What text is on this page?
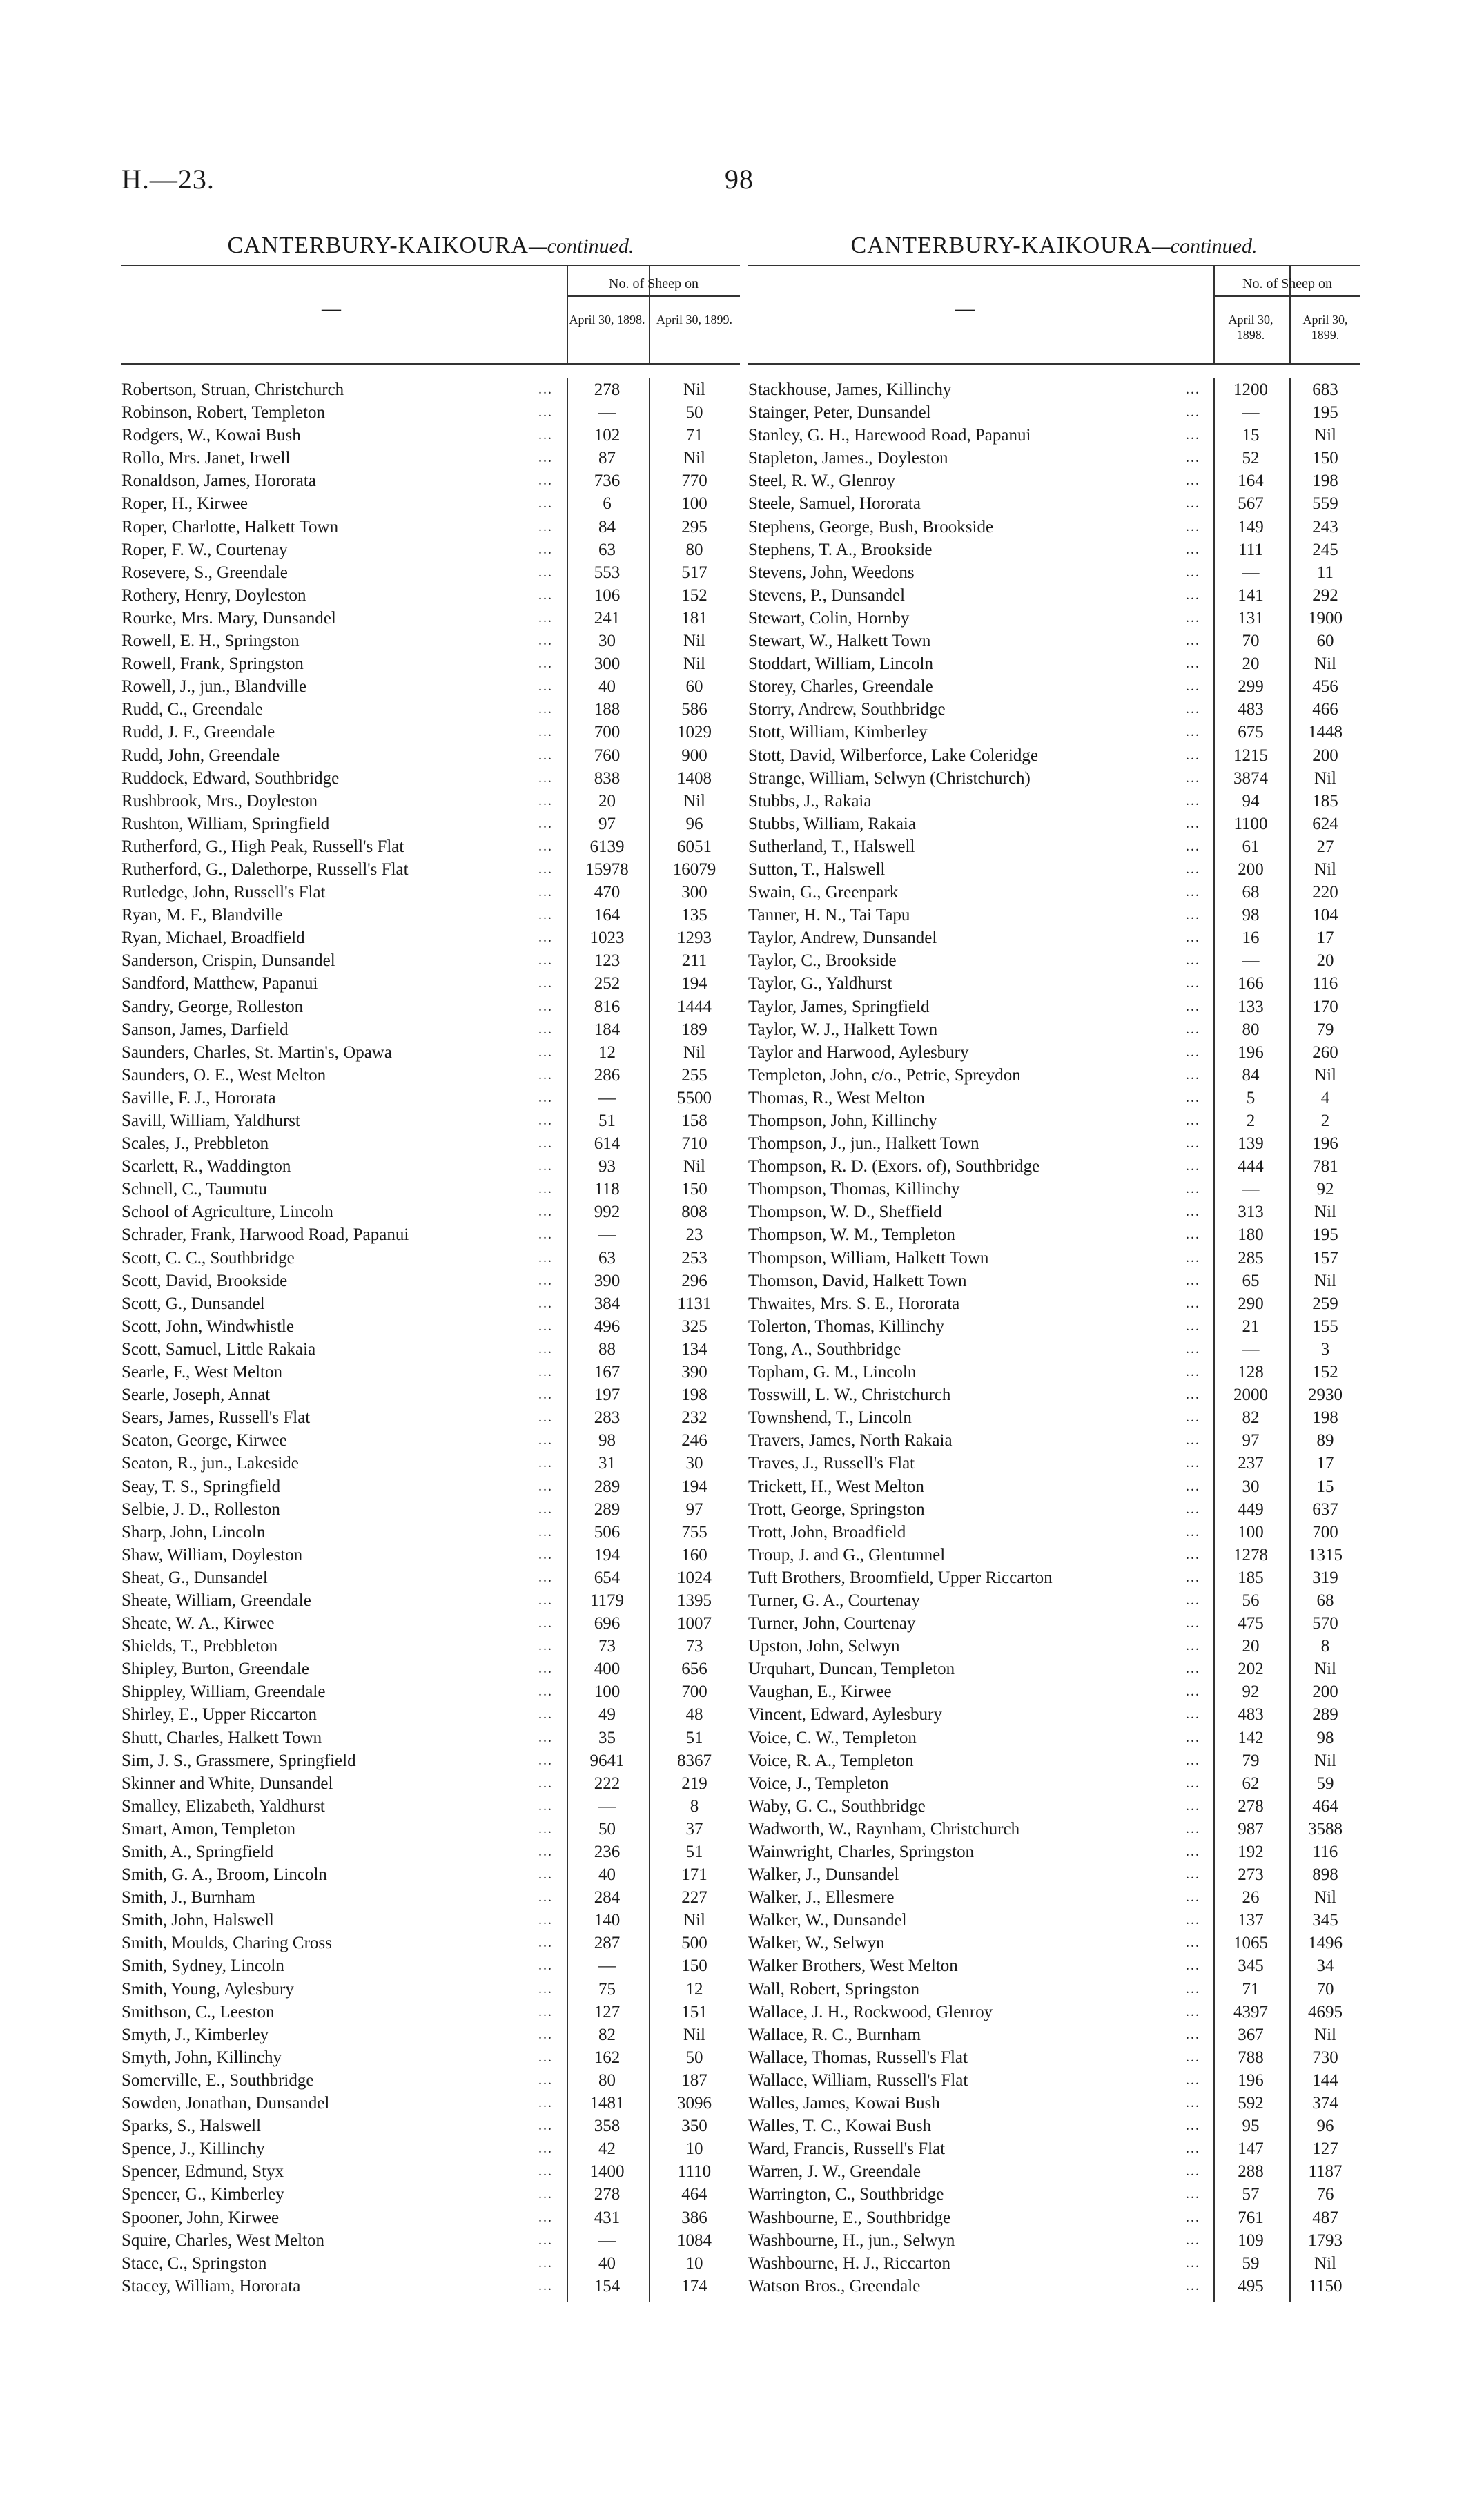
H.—23.	98
CANTERBURY-KAIKOURA—continued.
—
No. of Sheep on
April 30, 1898. April 30, 1899.
Robertson, Struan, Christchurch	...	278	Nil
Robinson, Robert, Templeton	...	—	50
Rodgers, W., Kowai Bush	...	102	71
Rollo, Mrs. Janet, Irwell	...	87	Nil
Ronaldson, James, Hororata	...	736	770
Roper, H., Kirwee	...	6	100
Roper, Charlotte, Halkett Town	...	84	295
Roper, F. W., Courtenay	...	63	80
Rosevere, S., Greendale	...	553	517
Rothery, Henry, Doyleston	...	106	152
Rourke, Mrs. Mary, Dunsandel	...	241	181
Rowell, E. H., Springston	...	30	Nil
Rowell, Frank, Springston	...	300	Nil
Rowell, J., jun., Blandville	...	40	60
Rudd, C., Greendale	...	188	586
Rudd, J. F., Greendale	...	700	1029
Rudd, John, Greendale	...	760	900
Ruddock, Edward, Southbridge	...	838	1408
Rushbrook, Mrs., Doyleston	...	20	Nil
Rushton, William, Springfield	...	97	96
Rutherford, G., High Peak, Russell's Flat	...	6139	6051
Rutherford, G., Dalethorpe, Russell's Flat	...	15978	16079
Rutledge, John, Russell's Flat	...	470	300
Ryan, M. F., Blandville	...	164	135
Ryan, Michael, Broadfield	...	1023	1293
Sanderson, Crispin, Dunsandel	...	123	211
Sandford, Matthew, Papanui	...	252	194
Sandry, George, Rolleston	...	816	1444
Sanson, James, Darfield	...	184	189
Saunders, Charles, St. Martin's, Opawa	...	12	Nil
Saunders, O. E., West Melton	...	286	255
Saville, F. J., Hororata	...	—	5500
Savill, William, Yaldhurst	...	51	158
Scales, J., Prebbleton	...	614	710
Scarlett, R., Waddington	...	93	Nil
Schnell, C., Taumutu	...	118	150
School of Agriculture, Lincoln	...	992	808
Schrader, Frank, Harwood Road, Papanui	...	—	23
Scott, C. C., Southbridge	...	63	253
Scott, David, Brookside	...	390	296
Scott, G., Dunsandel	...	384	1131
Scott, John, Windwhistle	...	496	325
Scott, Samuel, Little Rakaia	...	88	134
Searle, F., West Melton	...	167	390
Searle, Joseph, Annat	...	197	198
Sears, James, Russell's Flat	...	283	232
Seaton, George, Kirwee	...	98	246
Seaton, R., jun., Lakeside	...	31	30
Seay, T. S., Springfield	...	289	194
Selbie, J. D., Rolleston	...	289	97
Sharp, John, Lincoln	...	506	755
Shaw, William, Doyleston	...	194	160
Sheat, G., Dunsandel	...	654	1024
Sheate, William, Greendale	...	1179	1395
Sheate, W. A., Kirwee	...	696	1007
Shields, T., Prebbleton	...	73	73
Shipley, Burton, Greendale	...	400	656
Shippley, William, Greendale	...	100	700
Shirley, E., Upper Riccarton	...	49	48
Shutt, Charles, Halkett Town	...	35	51
Sim, J. S., Grassmere, Springfield	...	9641	8367
Skinner and White, Dunsandel	...	222	219
Smalley, Elizabeth, Yaldhurst	...	—	8
Smart, Amon, Templeton	...	50	37
Smith, A., Springfield	...	236	51
Smith, G. A., Broom, Lincoln	...	40	171
Smith, J., Burnham	...	284	227
Smith, John, Halswell	...	140	Nil
Smith, Moulds, Charing Cross	...	287	500
Smith, Sydney, Lincoln	...	—	150
Smith, Young, Aylesbury	...	75	12
Smithson, C., Leeston	...	127	151
Smyth, J., Kimberley	...	82	Nil
Smyth, John, Killinchy	...	162	50
Somerville, E., Southbridge	...	80	187
Sowden, Jonathan, Dunsandel	...	1481	3096
Sparks, S., Halswell	...	358	350
Spence, J., Killinchy	...	42	10
Spencer, Edmund, Styx	...	1400	1110
Spencer, G., Kimberley	...	278	464
Spooner, John, Kirwee	...	431	386
Squire, Charles, West Melton	...	—	1084
Stace, C., Springston	...	40	10
Stacey, William, Hororata	...	154	174
CANTERBURY-KAIKOURA—continued.
—
No. of Sheep on
April 30, 1898.
April 30, 1899.
Stackhouse, James, Killinchy	...	1200	683
Stainger, Peter, Dunsandel	...	—	195
Stanley, G. H., Harewood Road, Papanui	...	15	Nil
Stapleton, James., Doyleston	...	52	150
Steel, R. W., Glenroy	...	164	198
Steele, Samuel, Hororata	...	567	559
Stephens, George, Bush, Brookside	...	149	243
Stephens, T. A., Brookside	...	111	245
Stevens, John, Weedons	...	—	11
Stevens, P., Dunsandel	...	141	292
Stewart, Colin, Hornby	...	131	1900
Stewart, W., Halkett Town	...	70	60
Stoddart, William, Lincoln	...	20	Nil
Storey, Charles, Greendale	...	299	456
Storry, Andrew, Southbridge	...	483	466
Stott, William, Kimberley	...	675	1448
Stott, David, Wilberforce, Lake Coleridge	...	1215	200
Strange, William, Selwyn (Christchurch)	...	3874	Nil
Stubbs, J., Rakaia	...	94	185
Stubbs, William, Rakaia	...	1100	624
Sutherland, T., Halswell	...	61	27
Sutton, T., Halswell	...	200	Nil
Swain, G., Greenpark	...	68	220
Tanner, H. N., Tai Tapu	...	98	104
Taylor, Andrew, Dunsandel	...	16	17
Taylor, C., Brookside	...	—	20
Taylor, G., Yaldhurst	...	166	116
Taylor, James, Springfield	...	133	170
Taylor, W. J., Halkett Town	...	80	79
Taylor and Harwood, Aylesbury	...	196	260
Templeton, John, c/o., Petrie, Spreydon	...	84	Nil
Thomas, R., West Melton	...	5	4
Thompson, John, Killinchy	...	2	2
Thompson, J., jun., Halkett Town	...	139	196
Thompson, R. D. (Exors. of), Southbridge	...	444	781
Thompson, Thomas, Killinchy	...	—	92
Thompson, W. D., Sheffield	...	313	Nil
Thompson, W. M., Templeton	...	180	195
Thompson, William, Halkett Town	...	285	157
Thomson, David, Halkett Town	...	65	Nil
Thwaites, Mrs. S. E., Hororata	...	290	259
Tolerton, Thomas, Killinchy	...	21	155
Tong, A., Southbridge	...	—	3
Topham, G. M., Lincoln	...	128	152
Tosswill, L. W., Christchurch	...	2000	2930
Townshend, T., Lincoln	...	82	198
Travers, James, North Rakaia	...	97	89
Traves, J., Russell's Flat	...	237	17
Trickett, H., West Melton	...	30	15
Trott, George, Springston	...	449	637
Trott, John, Broadfield	...	100	700
Troup, J. and G., Glentunnel	...	1278	1315
Tuft Brothers, Broomfield, Upper Riccarton	...	185	319
Turner, G. A., Courtenay	...	56	68
Turner, John, Courtenay	...	475	570
Upston, John, Selwyn	...	20	8
Urquhart, Duncan, Templeton	...	202	Nil
Vaughan, E., Kirwee	...	92	200
Vincent, Edward, Aylesbury	...	483	289
Voice, C. W., Templeton	...	142	98
Voice, R. A., Templeton	...	79	Nil
Voice, J., Templeton	...	62	59
Waby, G. C., Southbridge	...	278	464
Wadworth, W., Raynham, Christchurch	...	987	3588
Wainwright, Charles, Springston	...	192	116
Walker, J., Dunsandel	...	273	898
Walker, J., Ellesmere	...	26	Nil
Walker, W., Dunsandel	...	137	345
Walker, W., Selwyn	...	1065	1496
Walker Brothers, West Melton	...	345	34
Wall, Robert, Springston	...	71	70
Wallace, J. H., Rockwood, Glenroy	...	4397	4695
Wallace, R. C., Burnham	...	367	Nil
Wallace, Thomas, Russell's Flat	...	788	730
Wallace, William, Russell's Flat	...	196	144
Walles, James, Kowai Bush	...	592	374
Walles, T. C., Kowai Bush	...	95	96
Ward, Francis, Russell's Flat	...	147	127
Warren, J. W., Greendale	...	288	1187
Warrington, C., Southbridge	...	57	76
Washbourne, E., Southbridge	...	761	487
Washbourne, H., jun., Selwyn	...	109	1793
Washbourne, H. J., Riccarton	...	59	Nil
Watson Bros., Greendale	...	495	1150
